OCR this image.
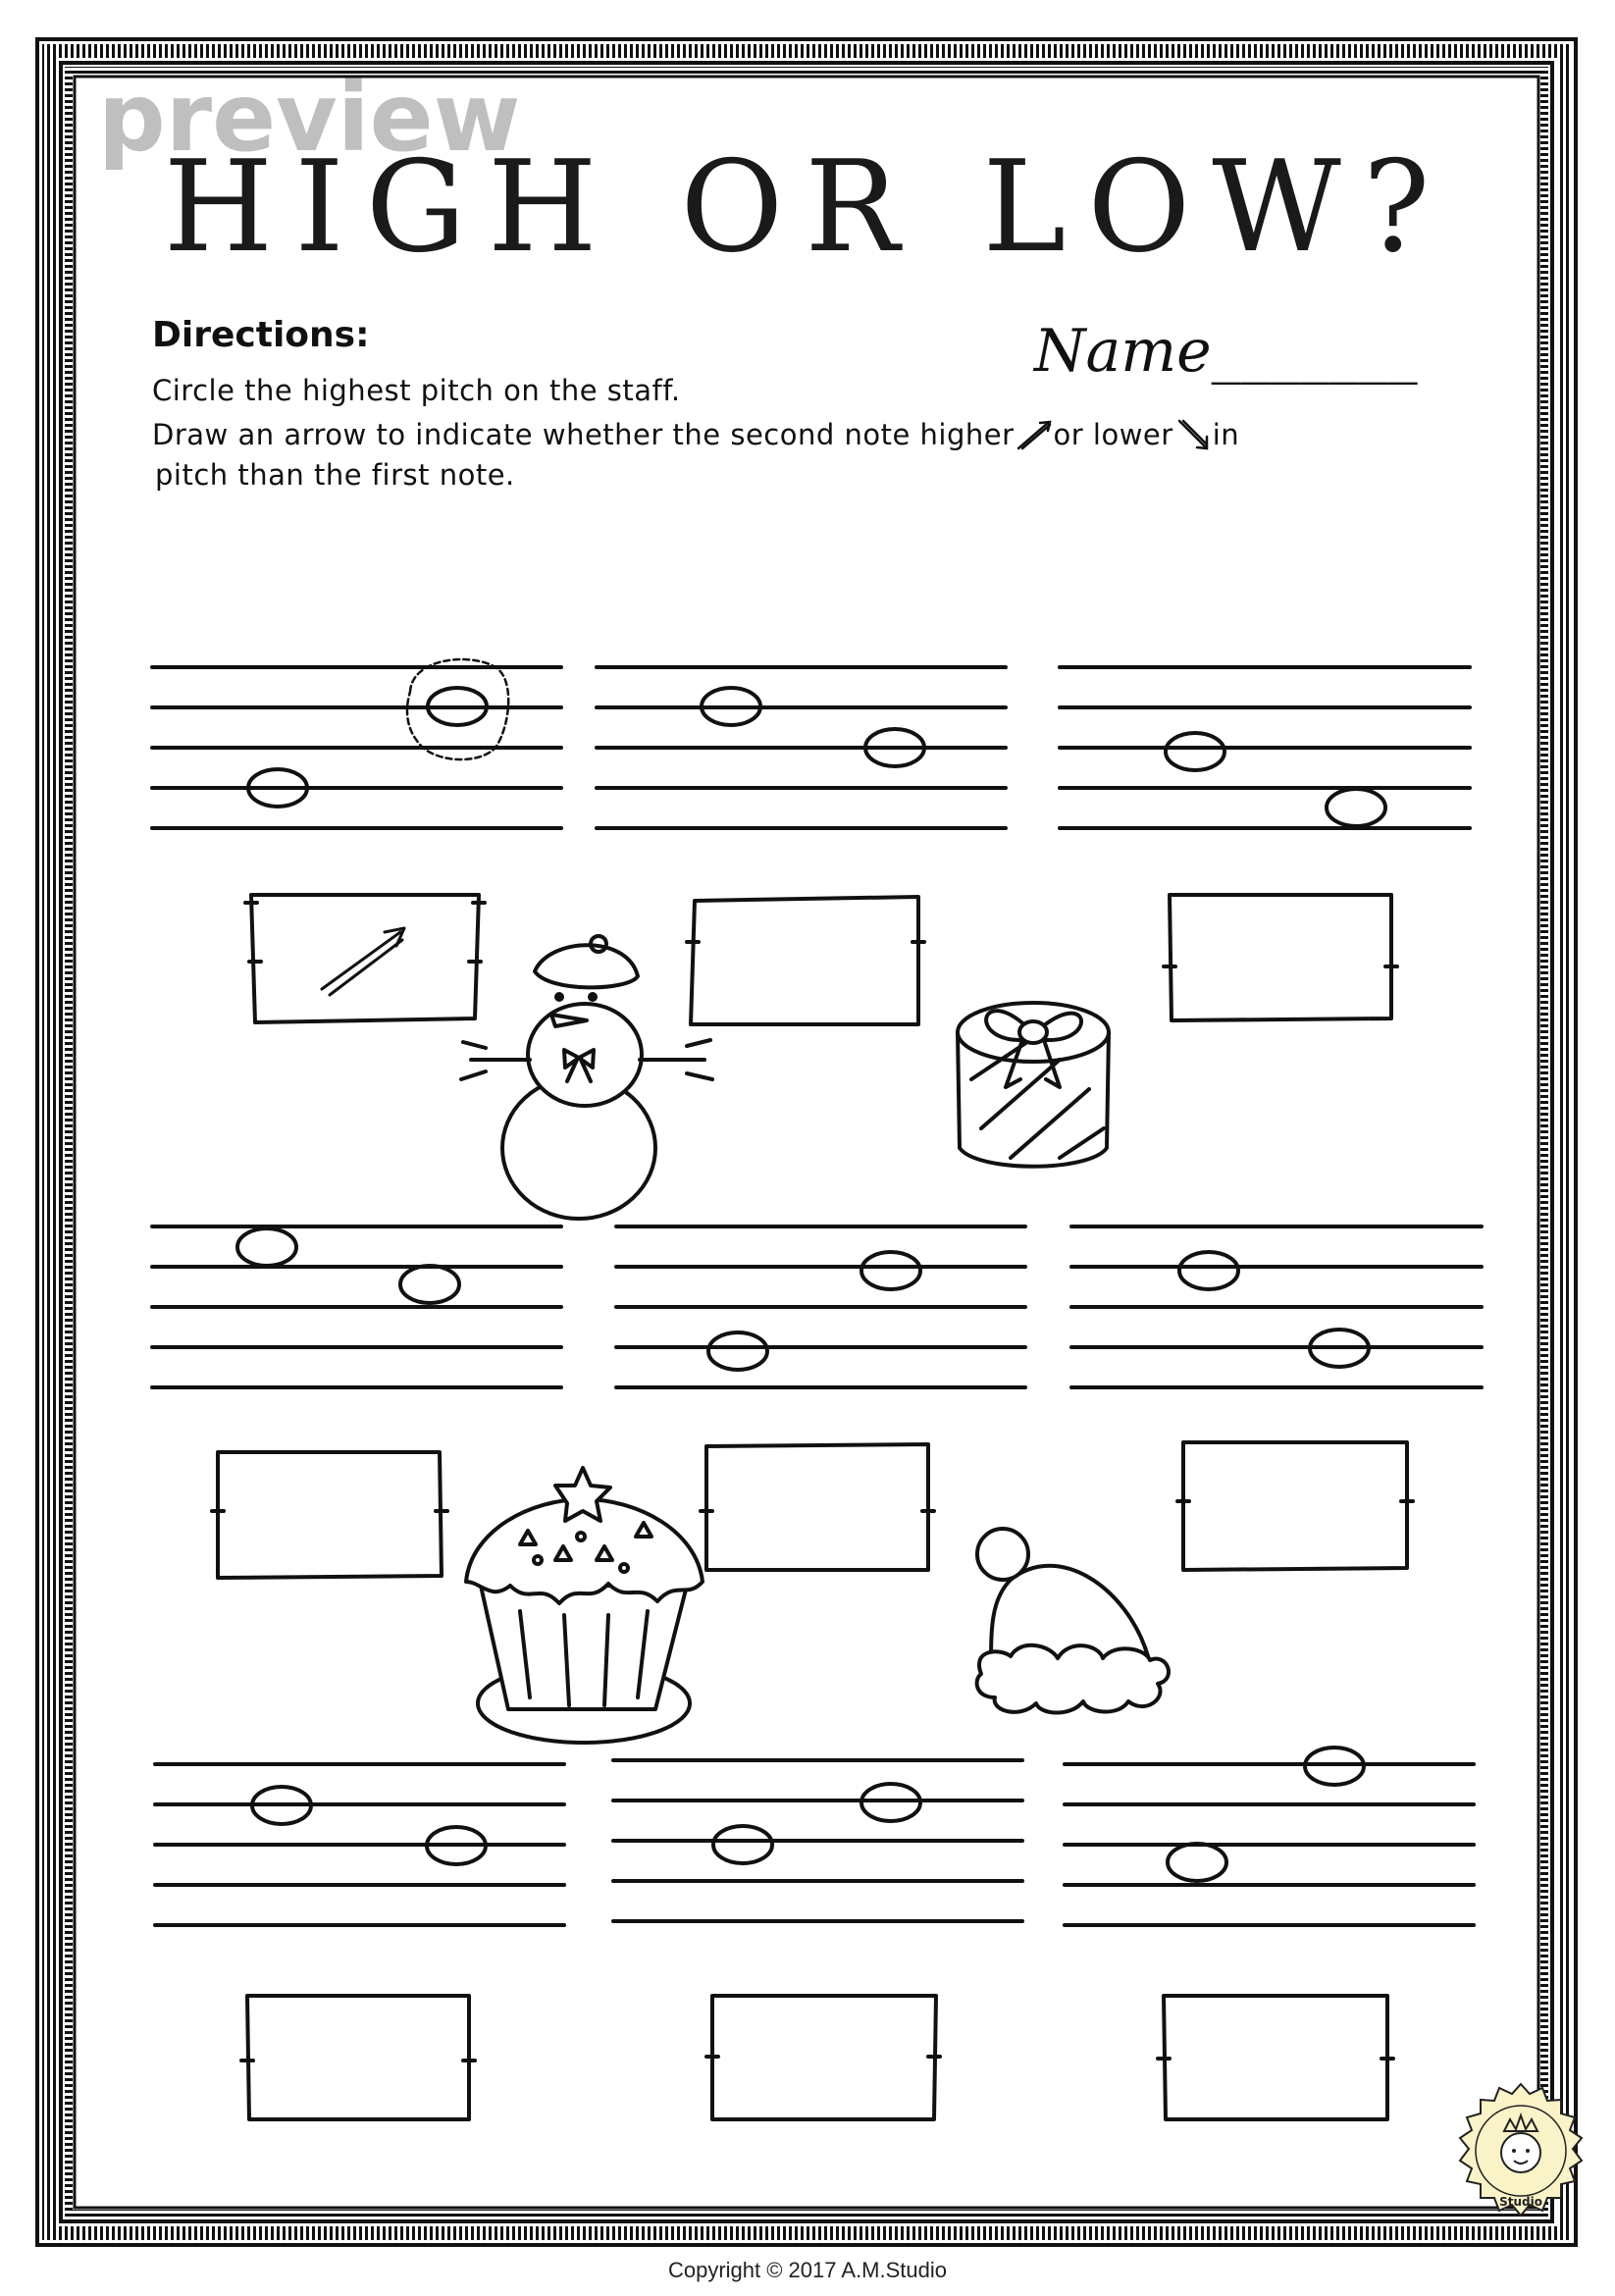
preview
HIGH OR LOW?
Directions:
Circle the highest pitch on the staff.
Draw an arrow to indicate whether the second note higher or lower in
pitch than the first note.
Name_______
Studio
Copyright © 2017 A.M.Studio
